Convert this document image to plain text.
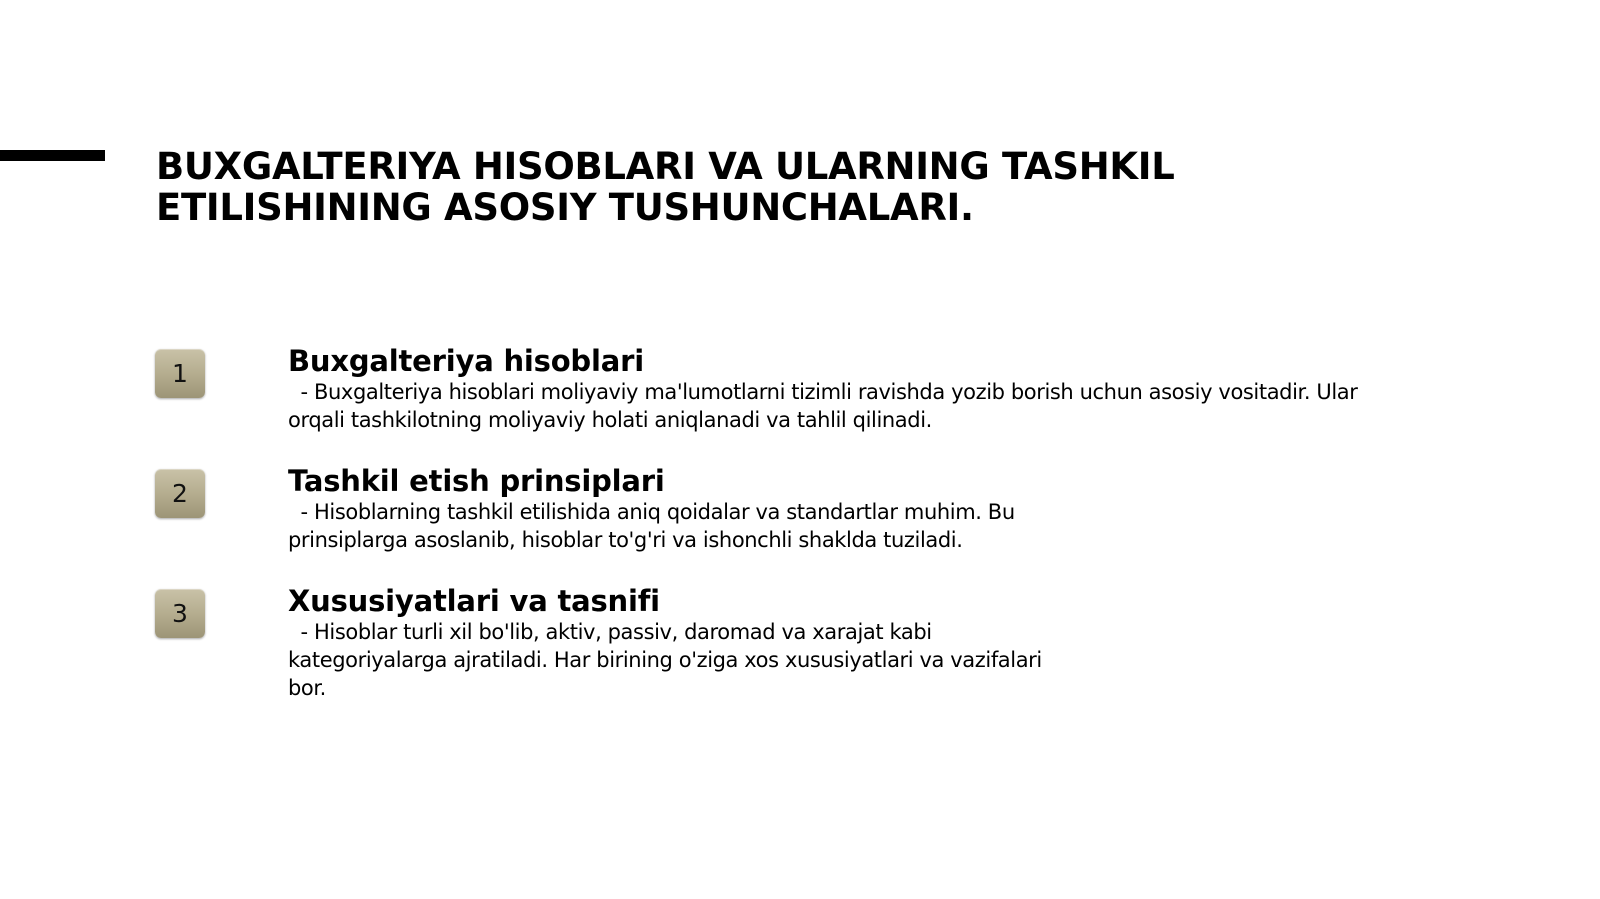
BUXGALTERIYA HISOBLARI VA ULARNING TASHKIL
ETILISHINING ASOSIY TUSHUNCHALARI.
1	Buxgalteriya hisoblari
- Buxgalteriya hisoblari moliyaviy ma'lumotlarni tizimli ravishda yozib borish uchun asosiy vositadir. Ular
orqali tashkilotning moliyaviy holati aniqlanadi va tahlil qilinadi.
2	Tashkil etish prinsiplari
- Hisoblarning tashkil etilishida aniq qoidalar va standartlar muhim. Bu
prinsiplarga asoslanib, hisoblar to'g'ri va ishonchli shaklda tuziladi.
3	Xususiyatlari va tasnifi
- Hisoblar turli xil bo'lib, aktiv, passiv, daromad va xarajat kabi
kategoriyalarga ajratiladi. Har birining o'ziga xos xususiyatlari va vazifalari
bor.
